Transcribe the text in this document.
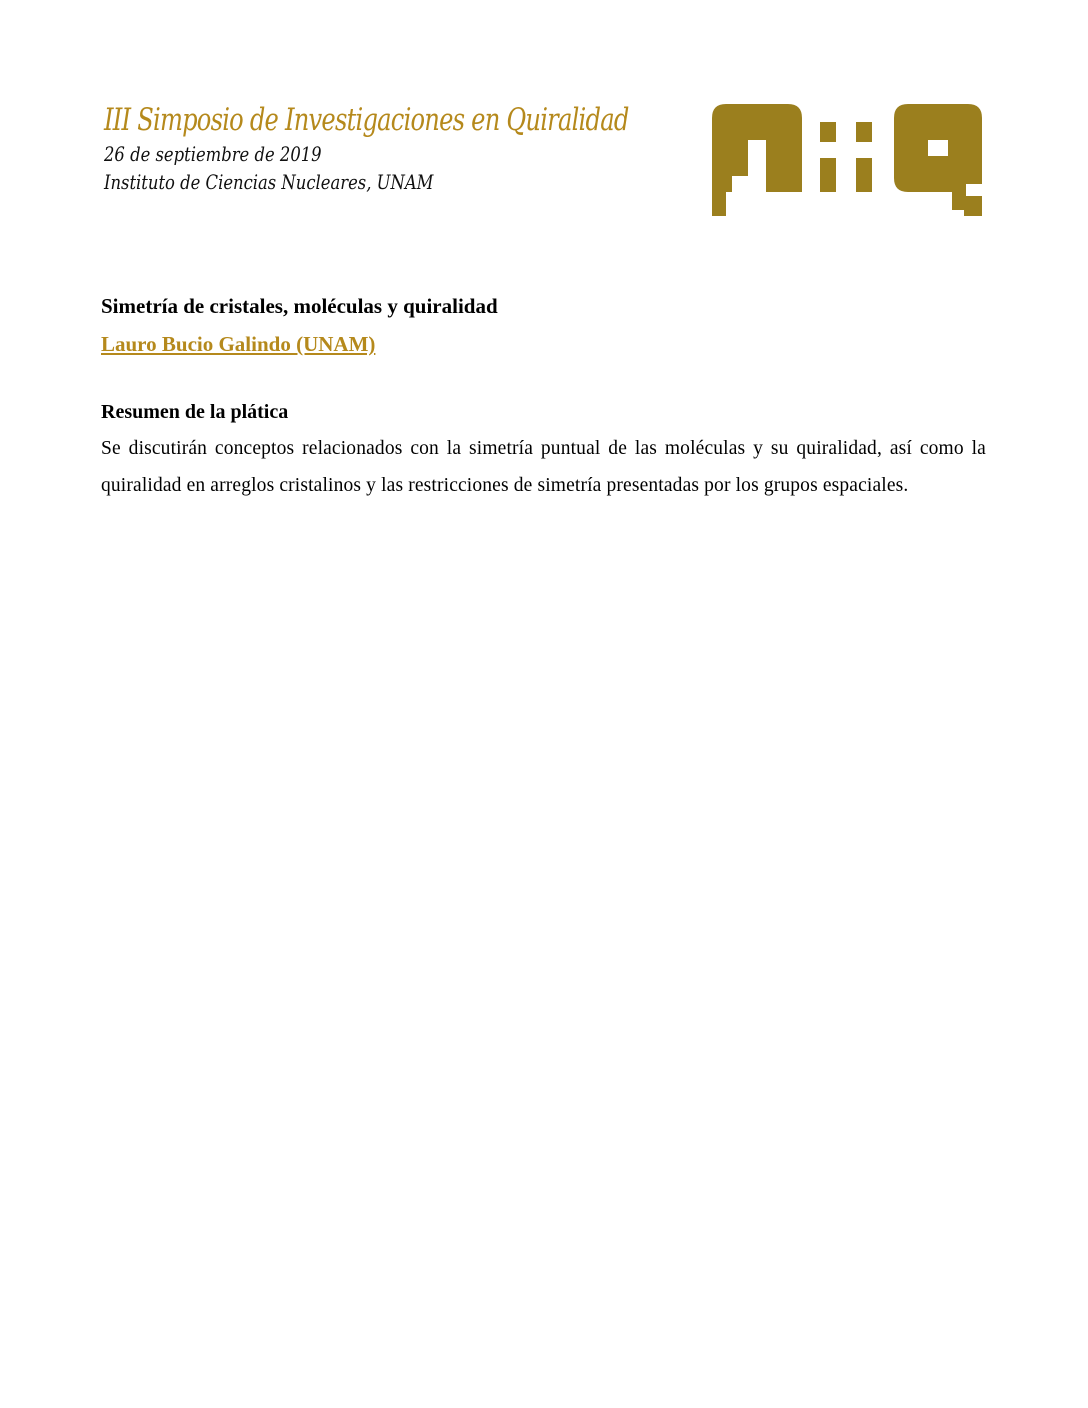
III Simposio de Investigaciones en Quiralidad
26 de septiembre de 2019
Instituto de Ciencias Nucleares, UNAM
Simetría de cristales, moléculas y quiralidad
Lauro Bucio Galindo (UNAM)
Resumen de la plática

Se discutirán conceptos relacionados con la simetría puntual de las moléculas y su quiralidad, así como la quiralidad en arreglos cristalinos y las restricciones de simetría presentadas por los grupos espaciales.
